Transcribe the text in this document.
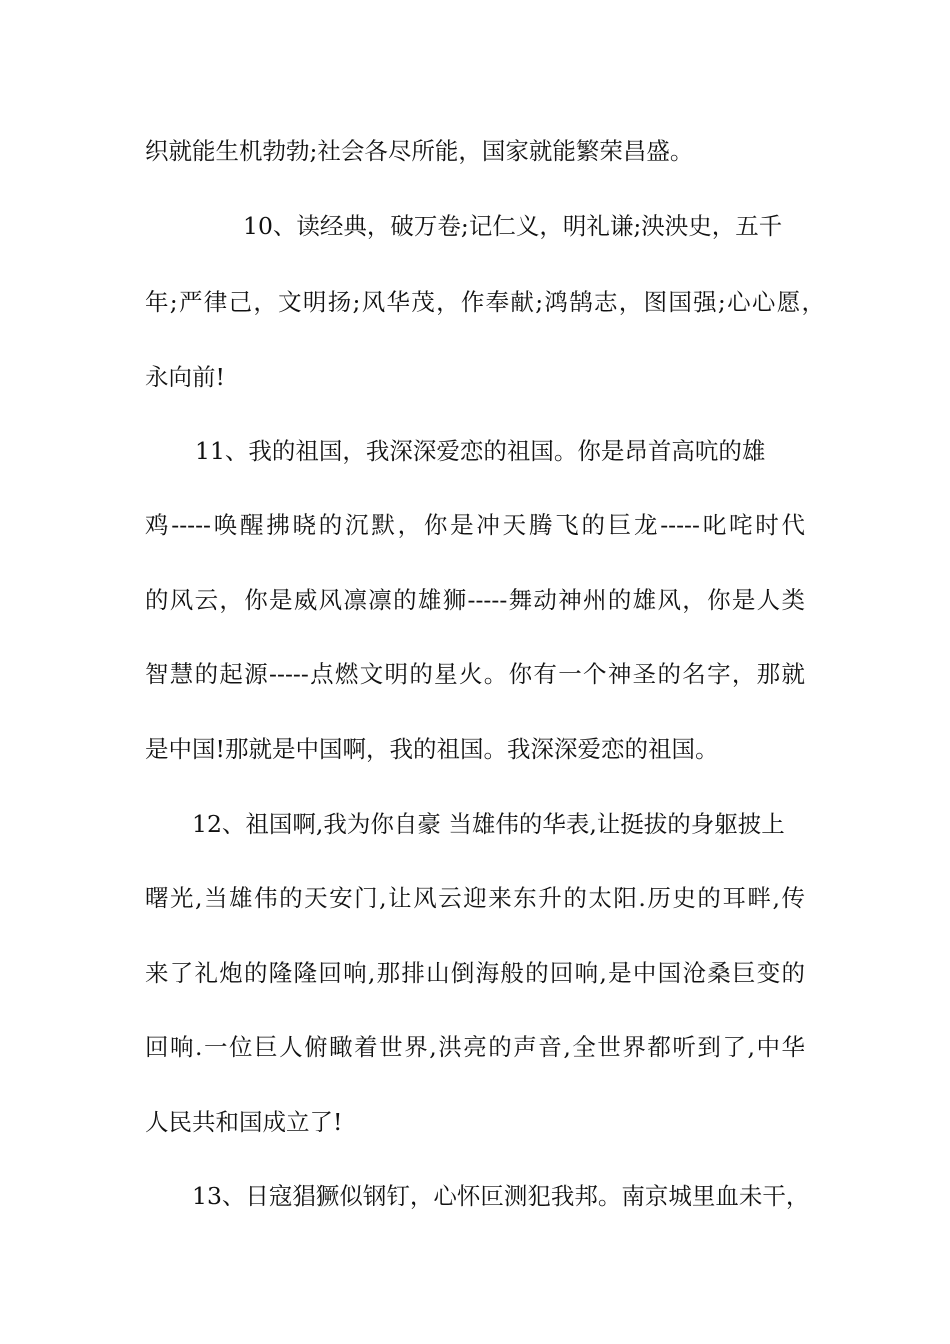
织就能生机勃勃;社会各尽所能，国家就能繁荣昌盛。
10、读经典，破万卷;记仁义，明礼谦;泱泱史，五千
年;严律己，文明扬;风华茂，作奉献;鸿鹄志，图国强;心心愿，
永向前!
11、我的祖国，我深深爱恋的祖国。你是昂首高吭的雄
鸡-----唤醒拂晓的沉默，你是冲天腾飞的巨龙-----叱咤时代
的风云，你是威风凛凛的雄狮-----舞动神州的雄风，你是人类
智慧的起源-----点燃文明的星火。你有一个神圣的名字，那就
是中国!那就是中国啊，我的祖国。我深深爱恋的祖国。
12、祖国啊,我为你自豪 当雄伟的华表,让挺拔的身躯披上
曙光,当雄伟的天安门,让风云迎来东升的太阳.历史的耳畔,传
来了礼炮的隆隆回响,那排山倒海般的回响,是中国沧桑巨变的
回响.一位巨人俯瞰着世界,洪亮的声音,全世界都听到了,中华
人民共和国成立了!
13、日寇猖獗似钢钉，心怀叵测犯我邦。南京城里血未干，
